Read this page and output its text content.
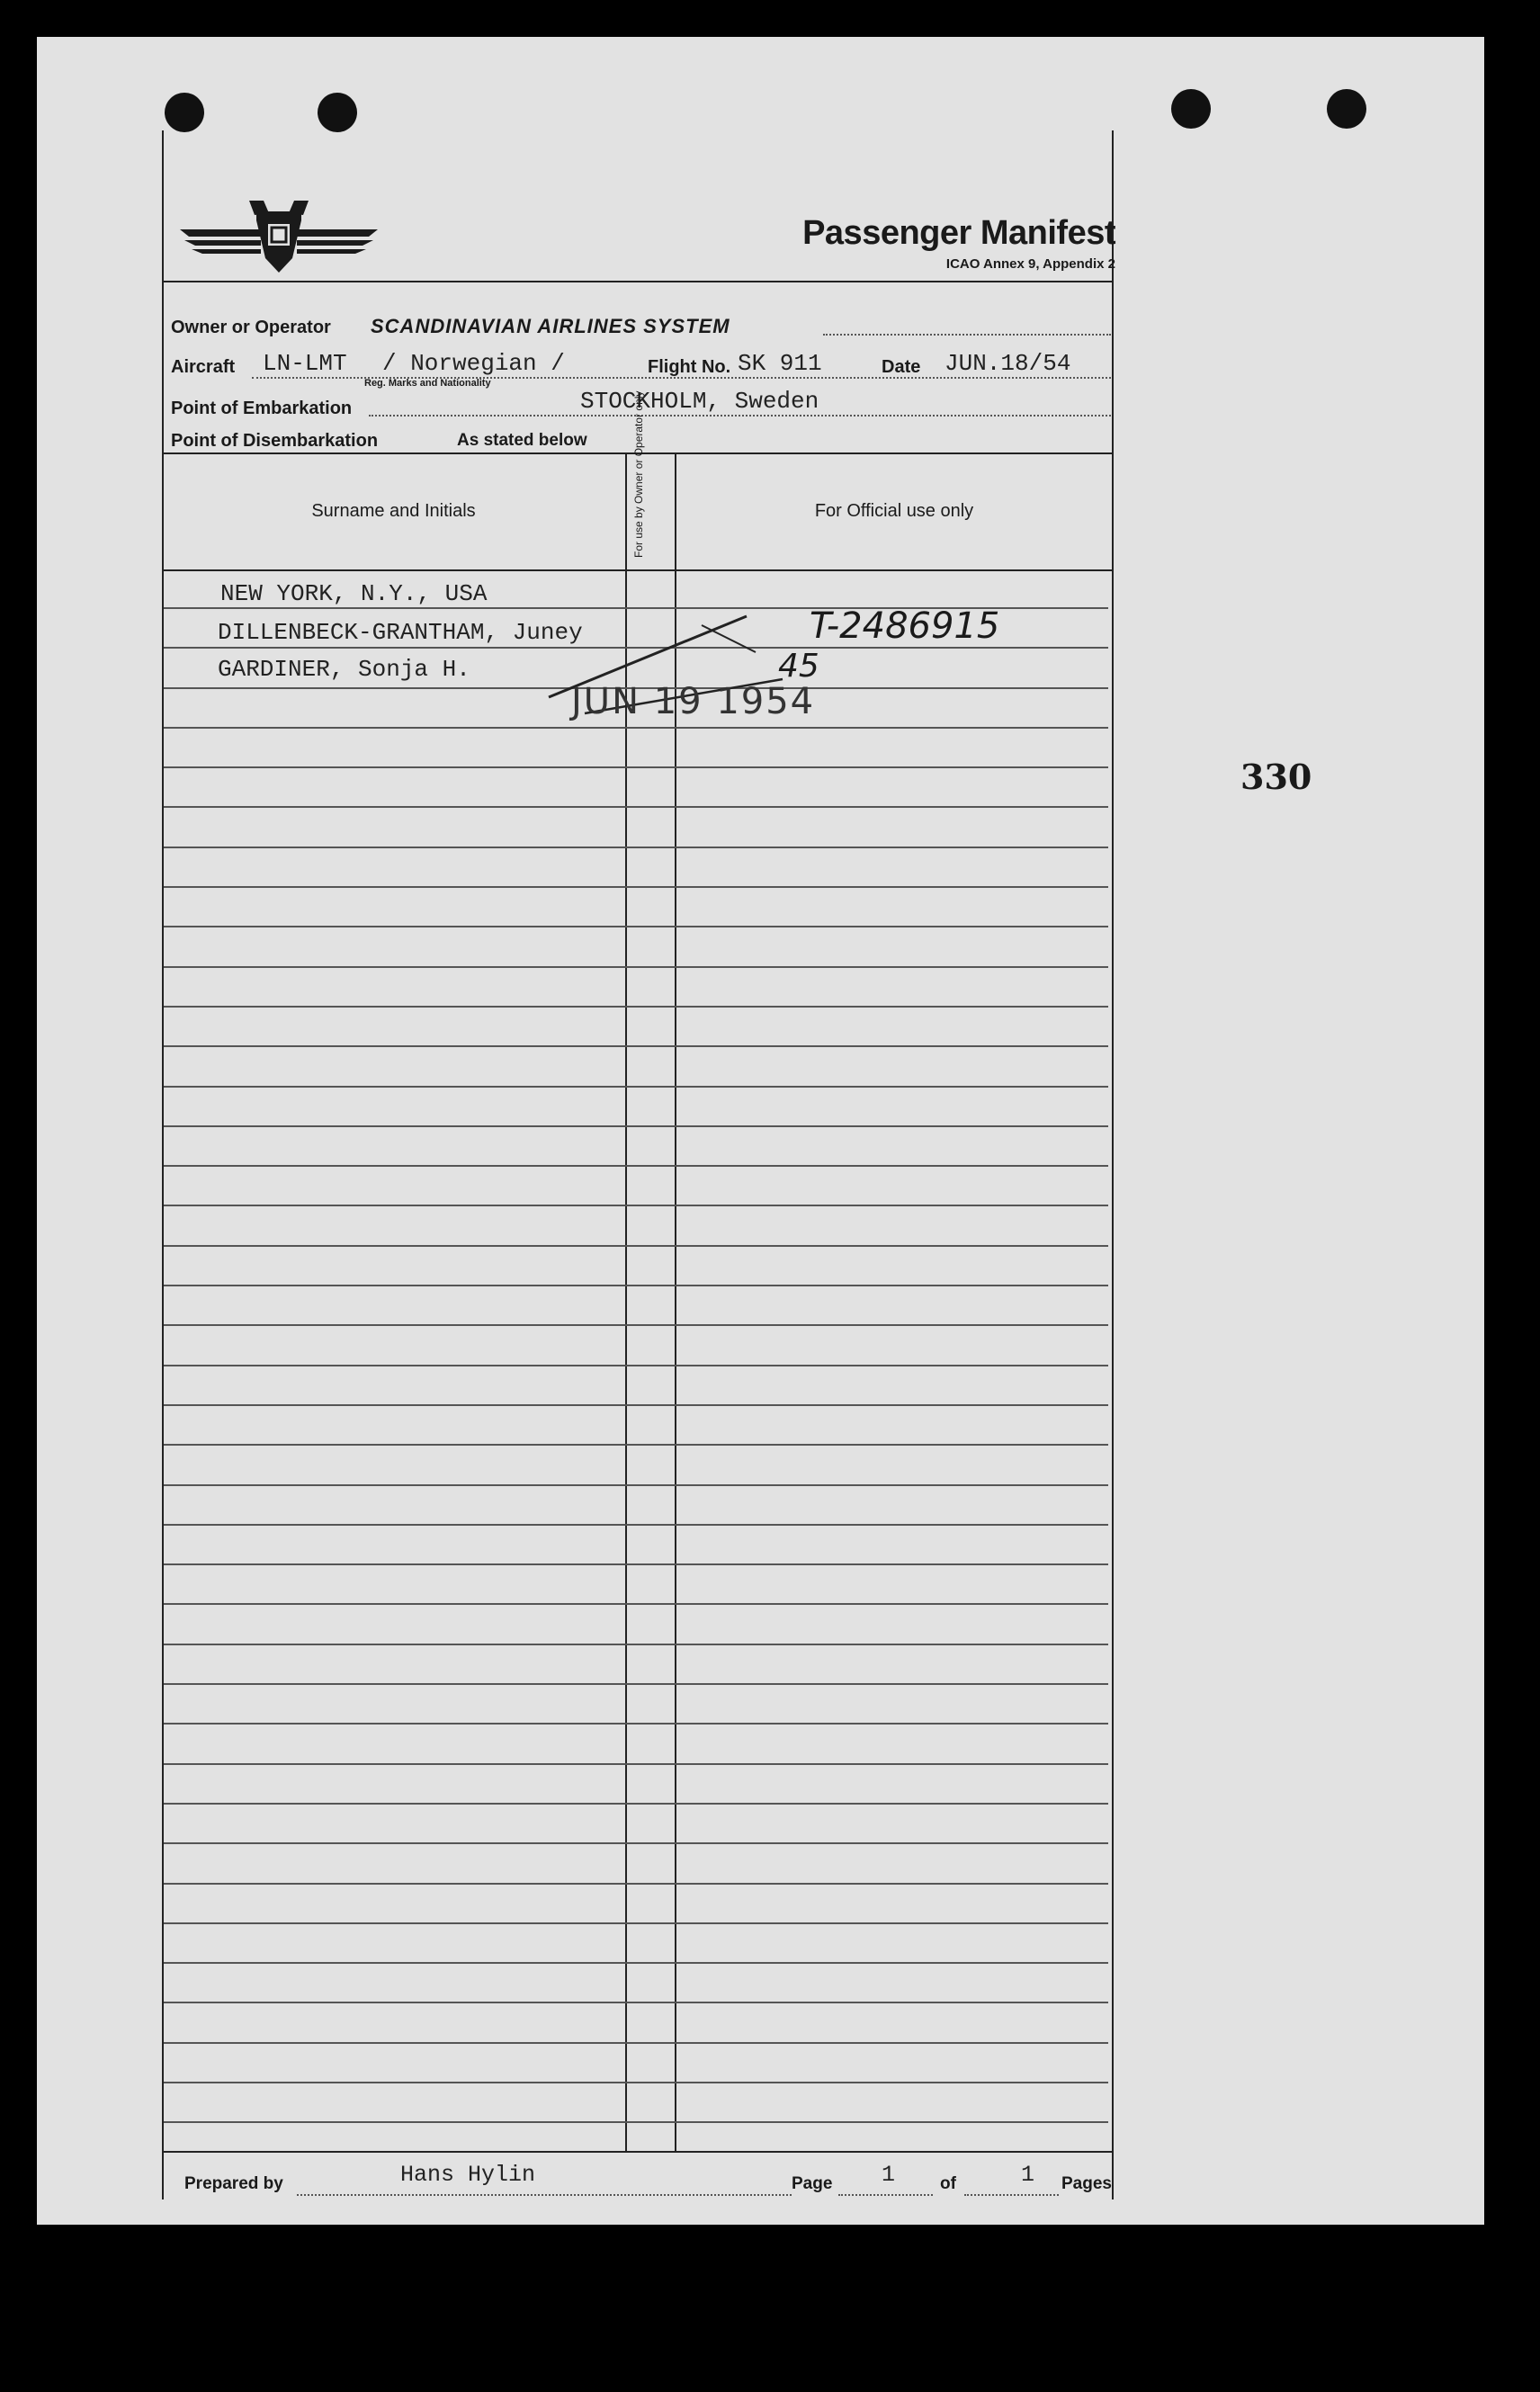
330
Passenger Manifest
ICAO Annex 9, Appendix 2
Owner or Operator SCANDINAVIAN AIRLINES SYSTEM
Aircraft LN-LMT / Norwegian /
Reg. Marks and Nationality
Flight No. SK 911	Date JUN.18/54
Point of Embarkation	STOCKHOLM, Sweden
Point of Disembarkation	As stated below
Surname and Initials	For use by Owner or Operator only	For Official use only
NEW YORK, N.Y., USA
DILLENBECK-GRANTHAM, Juney
GARDINER, Sonja H.
T-2486915
45
JUN 19 1954
Prepared by	Hans Hylin	Page 1	of	1 Pages
